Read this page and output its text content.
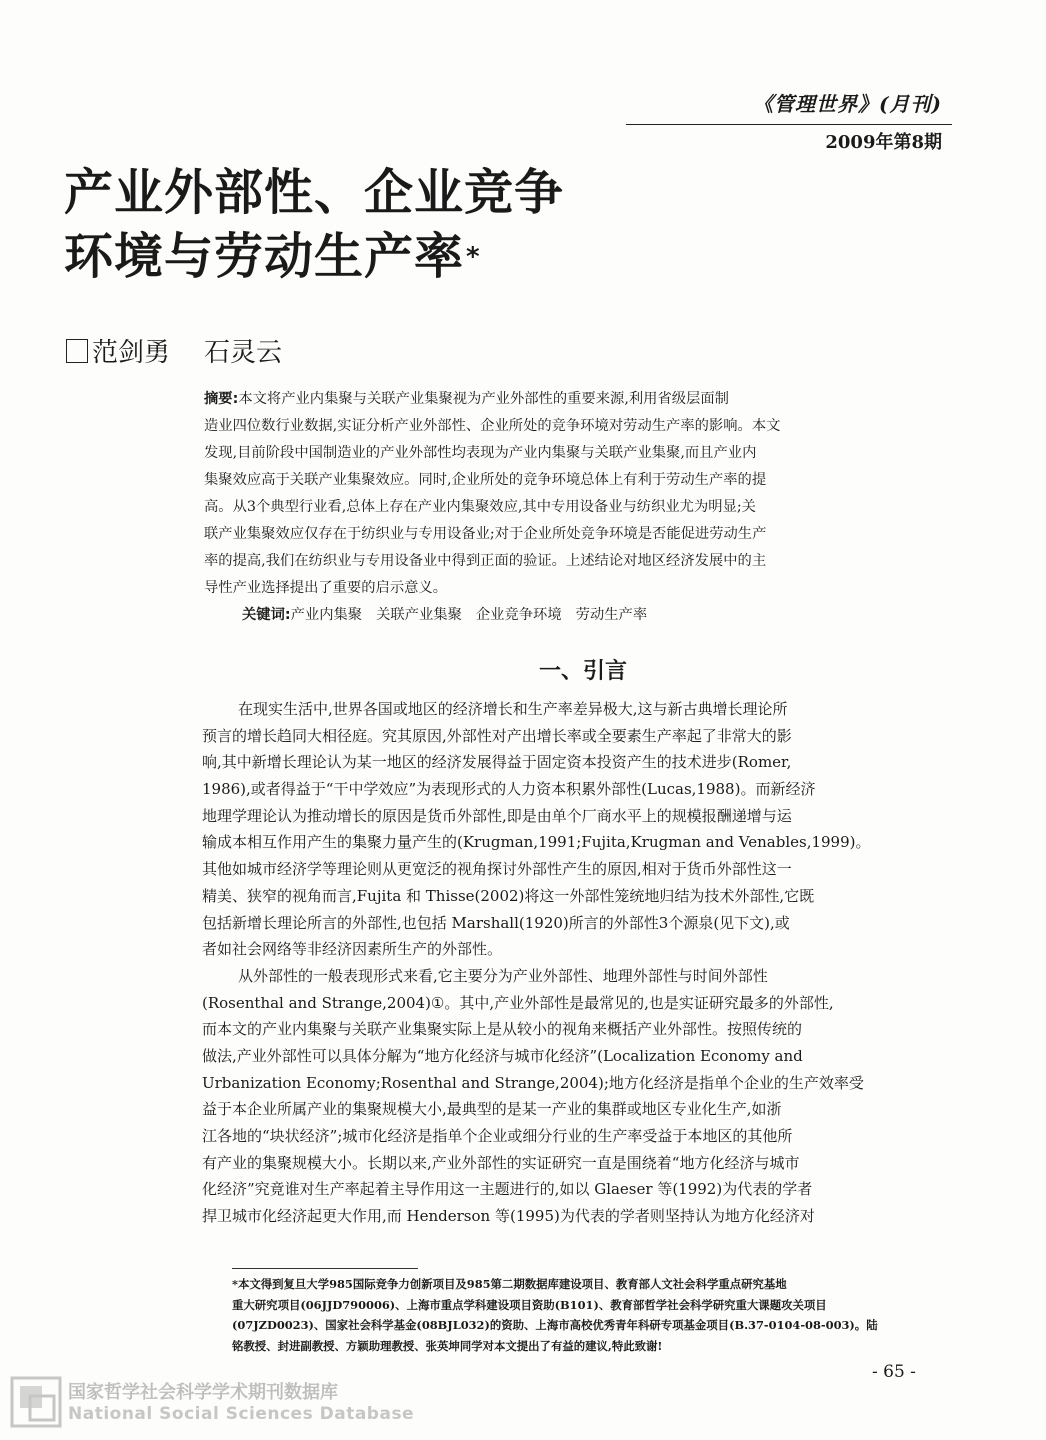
《管理世界》(月刊)
2009年第8期
产业外部性、企业竞争
环境与劳动生产率*
范剑勇 石灵云
摘要:本文将产业内集聚与关联产业集聚视为产业外部性的重要来源,利用省级层面制
造业四位数行业数据,实证分析产业外部性、企业所处的竞争环境对劳动生产率的影响。本文
发现,目前阶段中国制造业的产业外部性均表现为产业内集聚与关联产业集聚,而且产业内
集聚效应高于关联产业集聚效应。同时,企业所处的竞争环境总体上有利于劳动生产率的提
高。从3个典型行业看,总体上存在产业内集聚效应,其中专用设备业与纺织业尤为明显;关
联产业集聚效应仅存在于纺织业与专用设备业;对于企业所处竞争环境是否能促进劳动生产
率的提高,我们在纺织业与专用设备业中得到正面的验证。上述结论对地区经济发展中的主
导性产业选择提出了重要的启示意义。
关键词:产业内集聚 关联产业集聚 企业竞争环境 劳动生产率
一、引言
在现实生活中,世界各国或地区的经济增长和生产率差异极大,这与新古典增长理论所
预言的增长趋同大相径庭。究其原因,外部性对产出增长率或全要素生产率起了非常大的影
响,其中新增长理论认为某一地区的经济发展得益于固定资本投资产生的技术进步(Romer,
1986),或者得益于“干中学效应”为表现形式的人力资本积累外部性(Lucas,1988)。而新经济
地理学理论认为推动增长的原因是货币外部性,即是由单个厂商水平上的规模报酬递增与运
输成本相互作用产生的集聚力量产生的(Krugman,1991;Fujita,Krugman and Venables,1999)。
其他如城市经济学等理论则从更宽泛的视角探讨外部性产生的原因,相对于货币外部性这一
精美、狭窄的视角而言,Fujita 和 Thisse(2002)将这一外部性笼统地归结为技术外部性,它既
包括新增长理论所言的外部性,也包括 Marshall(1920)所言的外部性3个源泉(见下文),或
者如社会网络等非经济因素所生产的外部性。
从外部性的一般表现形式来看,它主要分为产业外部性、地理外部性与时间外部性
(Rosenthal and Strange,2004)①。其中,产业外部性是最常见的,也是实证研究最多的外部性,
而本文的产业内集聚与关联产业集聚实际上是从较小的视角来概括产业外部性。按照传统的
做法,产业外部性可以具体分解为“地方化经济与城市化经济”(Localization Economy and
Urbanization Economy;Rosenthal and Strange,2004);地方化经济是指单个企业的生产效率受
益于本企业所属产业的集聚规模大小,最典型的是某一产业的集群或地区专业化生产,如浙
江各地的“块状经济”;城市化经济是指单个企业或细分行业的生产率受益于本地区的其他所
有产业的集聚规模大小。长期以来,产业外部性的实证研究一直是围绕着“地方化经济与城市
化经济”究竟谁对生产率起着主导作用这一主题进行的,如以 Glaeser 等(1992)为代表的学者
捍卫城市化经济起更大作用,而 Henderson 等(1995)为代表的学者则坚持认为地方化经济对
*本文得到复旦大学985国际竞争力创新项目及985第二期数据库建设项目、教育部人文社会科学重点研究基地
重大研究项目(06JJD790006)、上海市重点学科建设项目资助(B101)、教育部哲学社会科学研究重大课题攻关项目
(07JZD0023)、国家社会科学基金(08BJL032)的资助、上海市高校优秀青年科研专项基金项目(B.37-0104-08-003)。陆
铭教授、封进副教授、方颖助理教授、张英坤同学对本文提出了有益的建议,特此致谢!
- 65 -
国家哲学社会科学学术期刊数据库
National Social Sciences Database
